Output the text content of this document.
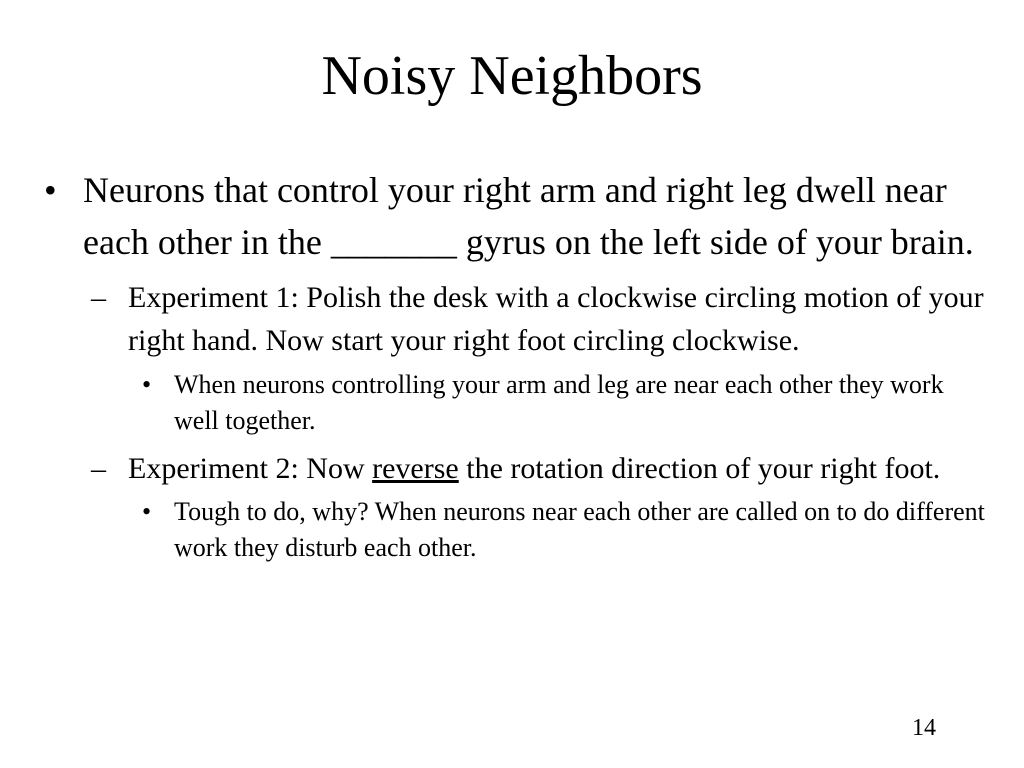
Noisy Neighbors
• Neurons that control your right arm and right leg dwell near each other in the _______ gyrus on the left side of your brain.
– Experiment 1: Polish the desk with a clockwise circling motion of your right hand. Now start your right foot circling clockwise.
• When neurons controlling your arm and leg are near each other they work well together.
– Experiment 2: Now reverse the rotation direction of your right foot.
• Tough to do, why? When neurons near each other are called on to do different work they disturb each other.
14
